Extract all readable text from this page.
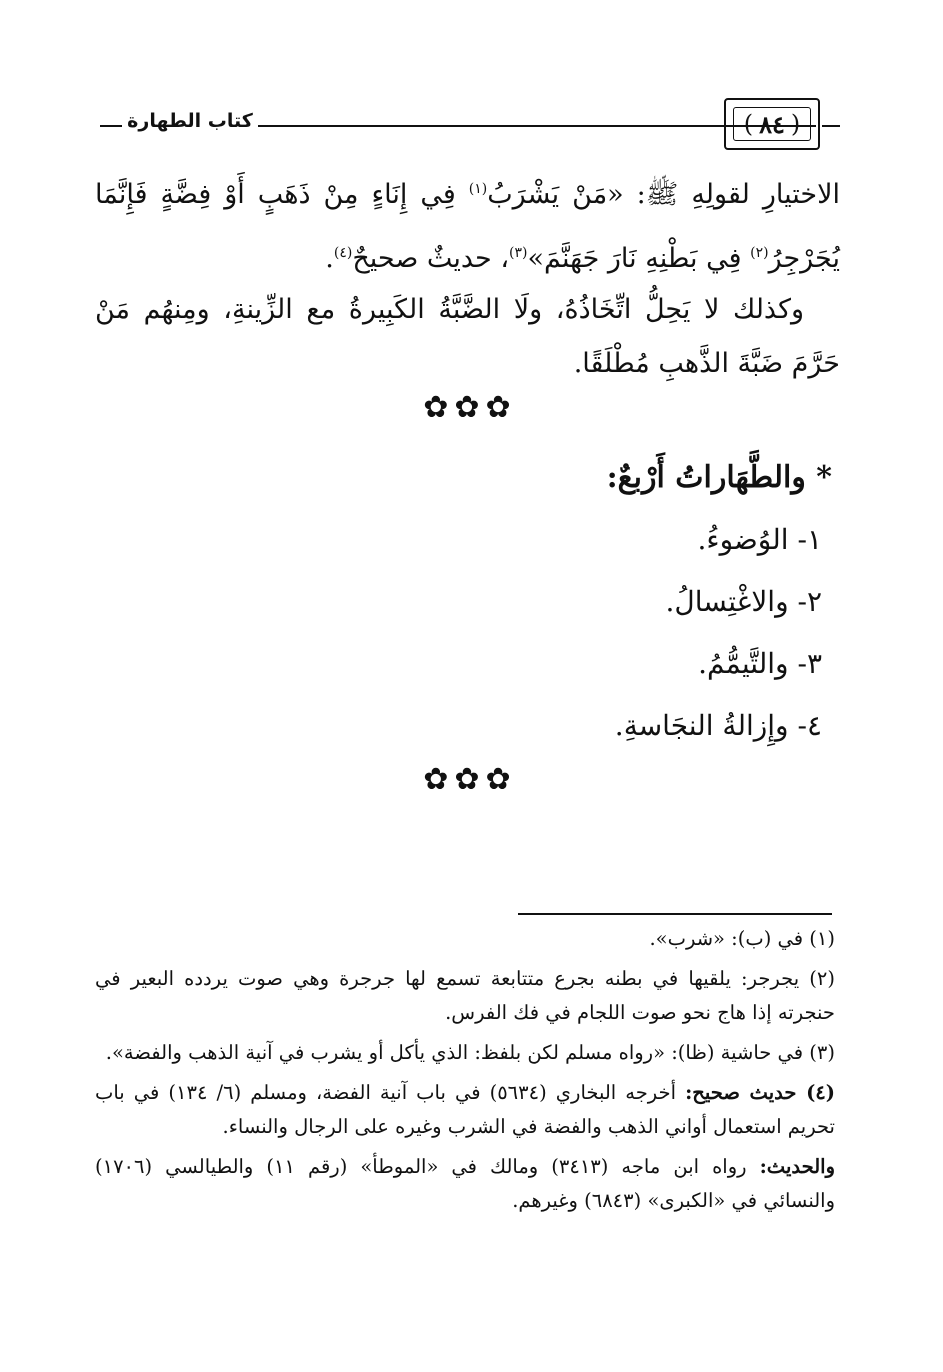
كتاب الطهارة	( ٨٤ )
الاختيارِ لقولِهِ ﷺ: «مَنْ يَشْرَبُ$^{(١)}$ فِي إِنَاءٍ مِنْ ذَهَبٍ أَوْ فِضَّةٍ فَإِنَّمَا يُجَرْجِرُ$^{(٢)}$ فِي بَطْنِهِ نَارَ جَهَنَّمَ»$^{(٣)}$، حديثٌ صحيحٌ$^{(٤)}$.
وكذلك لا يَحِلُّ اتِّخَاذُهُ، ولَا الضَّبَّةُ الكَبِيرةُ مع الزِّينةِ، ومِنهُم مَنْ حَرَّمَ ضَبَّةَ الذَّهبِ مُطْلَقًا.
✿✿✿
* والطَّهَاراتُ أَرْبعٌ:
١- الوُضوءُ.
٢- والاغْتِسالُ.
٣- والتَّيمُّمُ.
٤- وإِزالةُ النجَاسةِ.
✿✿✿

(١) في (ب): «شرب».

(٢) يجرجر: يلقيها في بطنه بجرع متتابعة تسمع لها جرجرة وهي صوت يردده البعير في حنجرته إذا هاج نحو صوت اللجام في فك الفرس.

(٣) في حاشية (ظا): «رواه مسلم لكن بلفظ: الذي يأكل أو يشرب في آنية الذهب والفضة».

(٤) حديث صحيح: أخرجه البخاري (٥٦٣٤) في باب آنية الفضة، ومسلم (٦/ ١٣٤) في باب تحريم استعمال أواني الذهب والفضة في الشرب وغيره على الرجال والنساء.

والحديث: رواه ابن ماجه (٣٤١٣) ومالك في «الموطأ» (رقم ١١) والطيالسي (١٧٠٦) والنسائي في «الكبرى» (٦٨٤٣) وغيرهم.
